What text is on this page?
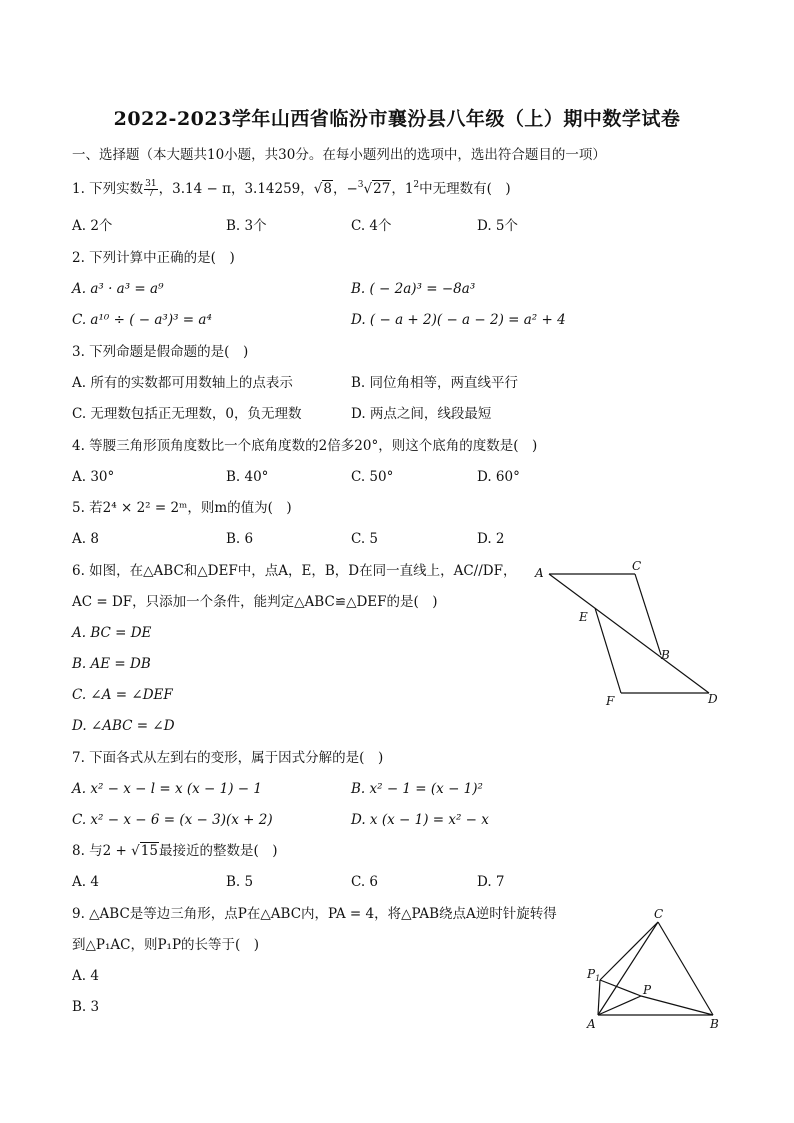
2022-2023学年山西省临汾市襄汾县八年级（上）期中数学试卷
一、选择题（本大题共10小题，共30分。在每小题列出的选项中，选出符合题目的一项）
1. 下列实数 $\frac{31}{7}$ ，3.14 − π，3.14259，√8，−$^3$√27，$1^2$中无理数有(　)
A. 2个	B. 3个	C. 4个	D. 5个
2. 下列计算中正确的是(　)
A. a³ · a³ = a⁹	B. ( − 2a)³ = −8a³
C. a¹⁰ ÷ ( − a³)³ = a⁴	D. ( − a + 2)( − a − 2) = a² + 4
3. 下列命题是假命题的是(　)
A. 所有的实数都可用数轴上的点表示	B. 同位角相等，两直线平行
C. 无理数包括正无理数，0，负无理数	D. 两点之间，线段最短
4. 等腰三角形顶角度数比一个底角度数的2倍多20°，则这个底角的度数是(　)
A. 30°	B. 40°	C. 50°	D. 60°
5. 若2⁴ × 2² = 2ᵐ，则m的值为(　)
A. 8	B. 6	C. 5	D. 2
6. 如图，在△ABC和△DEF中，点A，E，B，D在同一直线上，AC//DF，
AC = DF，只添加一个条件，能判定△ABC≌△DEF的是(　)
A. BC = DE
B. AE = DB
C. ∠A = ∠DEF
D. ∠ABC = ∠D
A	C
E
B
F	D
7. 下面各式从左到右的变形，属于因式分解的是(　)
A. x² − x − l = x (x − 1) − 1	B. x² − 1 = (x − 1)²
C. x² − x − 6 = (x − 3)(x + 2)	D. x (x − 1) = x² − x
8. 与2 + √15最接近的整数是(　)
A. 4	B. 5	C. 6	D. 7
9. △ABC是等边三角形，点P在△ABC内，PA = 4，将△PAB绕点A逆时针旋转得
到△P₁AC，则P₁P的长等于(　)
A. 4
B. 3
C
$P_1$
P
A	B
